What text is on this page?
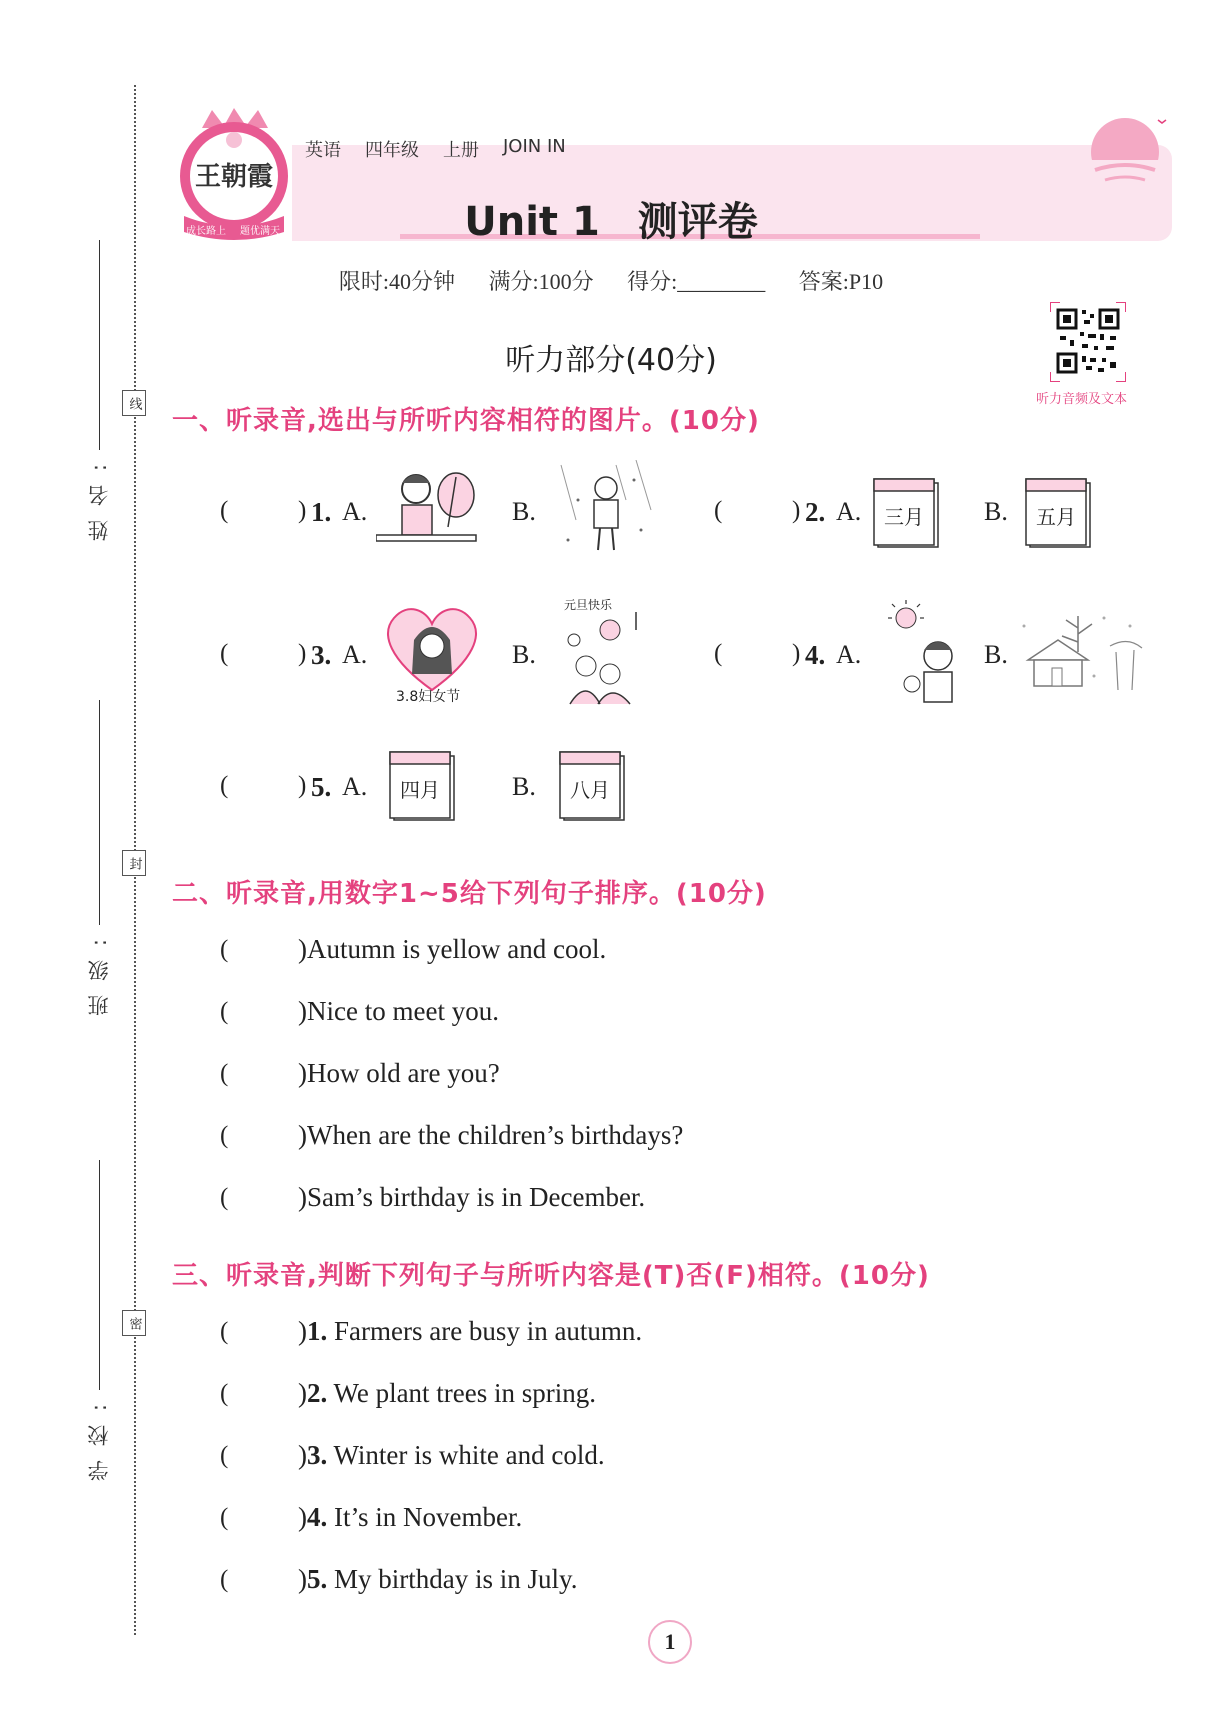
姓名:
班级:
学校:
线
封
密
王朝霞
成长路上 题优满天
英语 四年级 上册 JOIN IN
Unit 1 测评卷
限时:40分钟 满分:100分 得分:________ 答案:P10
听力音频及文本
听力部分(40分)
一、听录音,选出与所听内容相符的图片。(10分)
(	) 1. A.	B.	(	) 2. A.	三月	B.	五月
(	) 3. A.
3.8妇女节
B.
元旦快乐
(	) 4. A.	B.
(	) 5. A.	四月	B.	八月
二、听录音,用数字1~5给下列句子排序。(10分)
(	)Autumn is yellow and cool.
(	)Nice to meet you.
(	)How old are you?
(	)When are the children’s birthdays?
(	)Sam’s birthday is in December.
三、听录音,判断下列句子与所听内容是(T)否(F)相符。(10分)
(	)1. Farmers are busy in autumn.
(	)2. We plant trees in spring.
(	)3. Winter is white and cold.
(	)4. It’s in November.
(	)5. My birthday is in July.
1
